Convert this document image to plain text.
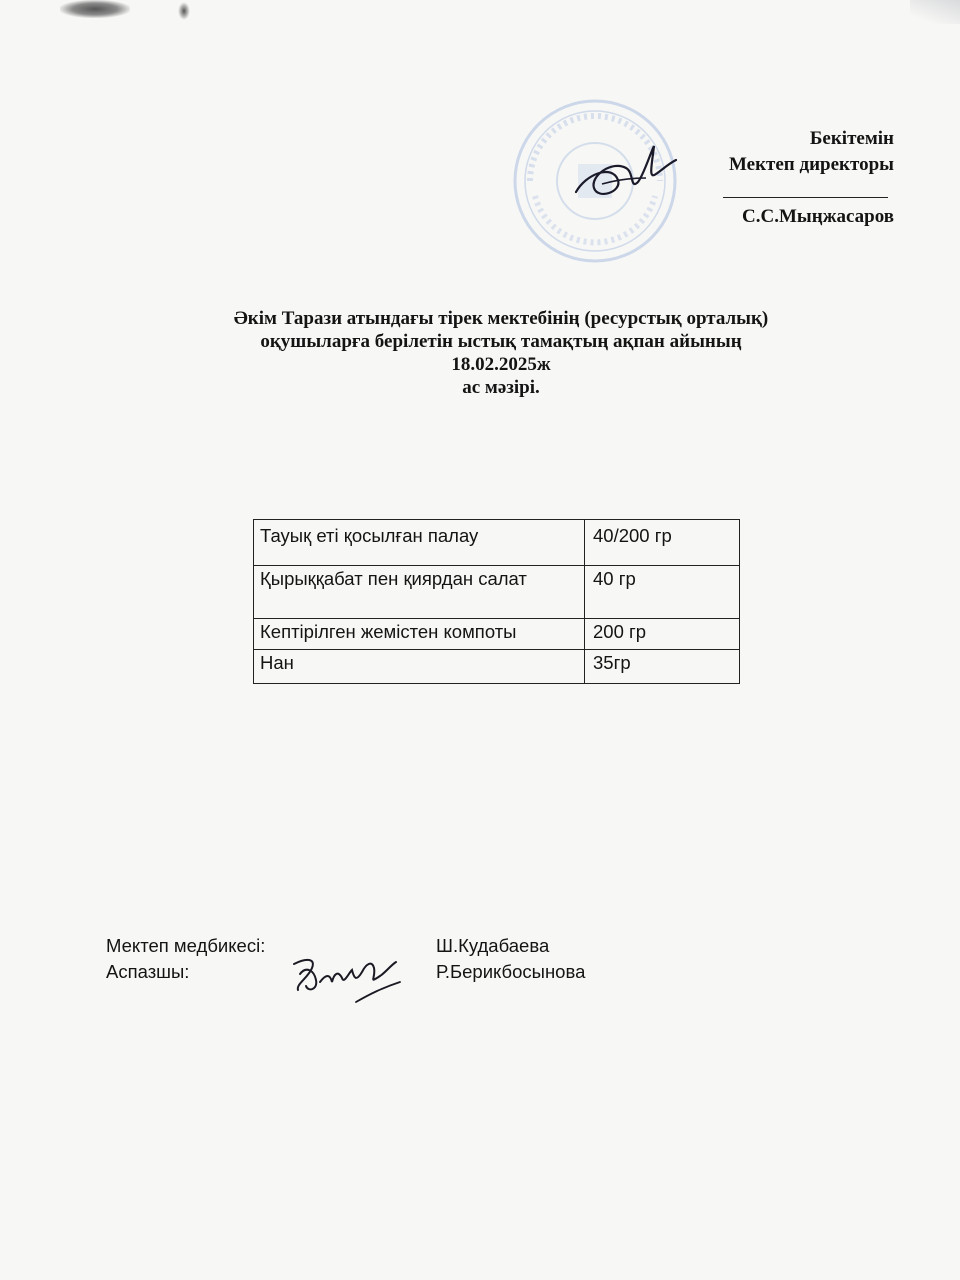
Бекітемін
Мектеп директоры
С.С.Мыңжасаров
Әкім Тарази атындағы тірек мектебінің (ресурстық орталық)
оқушыларға берілетін ыстық тамақтың ақпан айының
18.02.2025ж
ас мәзірі.
Тауық еті қосылған палау	40/200 гр
Қырыққабат пен қиярдан салат	40 гр
Кептірілген жемістен компоты	200 гр
Нан	35гр
Мектеп медбикесі:	Ш.Кудабаева
Аспазшы:	Р.Берикбосынова
